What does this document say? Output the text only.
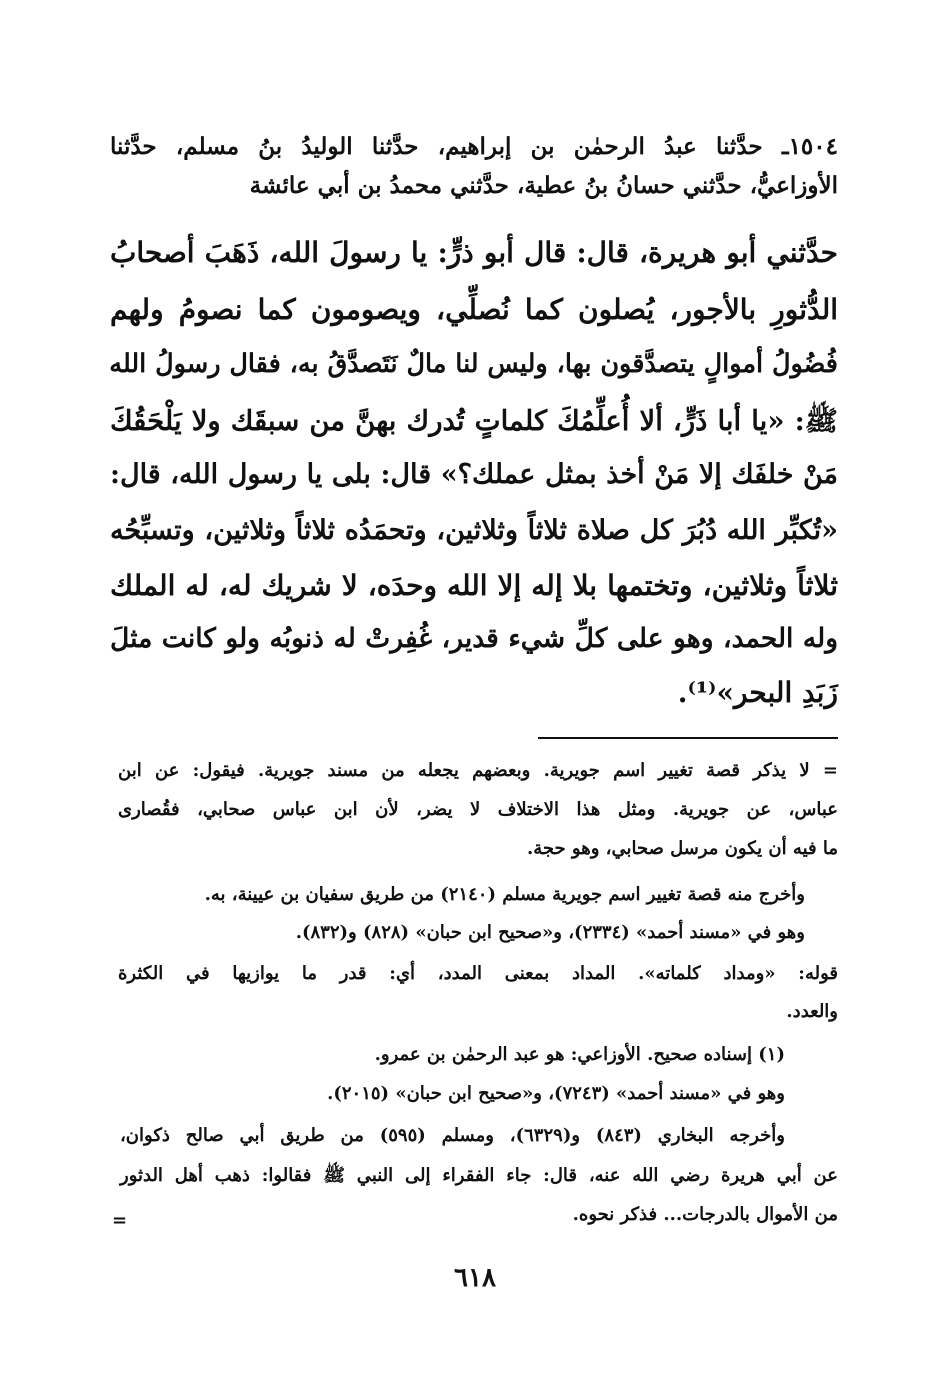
١٥٠٤ـ حدَّثنا عبدُ الرحمٰن بن إبراهيم، حدَّثنا الوليدُ بنُ مسلم، حدَّثنا
الأوزاعيُّ، حدَّثني حسانُ بنُ عطية، حدَّثني محمدُ بن أبي عائشة
حدَّثني أبو هريرة، قال: قال أبو ذرٍّ: يا رسولَ الله، ذَهَبَ أصحابُ
الدُّثورِ بالأجور، يُصلون كما نُصلِّي، ويصومون كما نصومُ ولهم
فُضُولُ أموالٍ يتصدَّقون بها، وليس لنا مالٌ نَتَصدَّقُ به، فقال رسولُ الله
ﷺ: «يا أبا ذَرٍّ، ألا أُعلِّمُكَ كلماتٍ تُدرك بهنَّ من سبقَك ولا يَلْحَقُكَ
مَنْ خلفَك إلا مَنْ أخذ بمثل عملك؟» قال: بلى يا رسول الله، قال:
«تُكبِّر الله دُبُرَ كل صلاة ثلاثاً وثلاثين، وتحمَدُه ثلاثاً وثلاثين، وتسبِّحُه
ثلاثاً وثلاثين، وتختمها بلا إله إلا الله وحدَه، لا شريك له، له الملك
وله الحمد، وهو على كلِّ شيء قدير، غُفِرتْ له ذنوبُه ولو كانت مثلَ
زَبَدِ البحر»⁽¹⁾.
= لا يذكر قصة تغيير اسم جويرية. وبعضهم يجعله من مسند جويرية. فيقول: عن ابن
عباس، عن جويرية. ومثل هذا الاختلاف لا يضر، لأن ابن عباس صحابي، فقُصارى
ما فيه أن يكون مرسل صحابي، وهو حجة.
وأخرج منه قصة تغيير اسم جويرية مسلم (٢١٤٠) من طريق سفيان بن عيينة، به.
وهو في «مسند أحمد» (٢٣٣٤)، و«صحيح ابن حبان» (٨٢٨) و(٨٣٢).
قوله: «ومداد كلماته». المداد بمعنى المدد، أي: قدر ما يوازيها في الكثرة
والعدد.
(١) إسناده صحيح. الأوزاعي: هو عبد الرحمٰن بن عمرو.
وهو في «مسند أحمد» (٧٢٤٣)، و«صحيح ابن حبان» (٢٠١٥).
وأخرجه البخاري (٨٤٣) و(٦٣٢٩)، ومسلم (٥٩٥) من طريق أبي صالح ذكوان،
عن أبي هريرة رضي الله عنه، قال: جاء الفقراء إلى النبي ﷺ فقالوا: ذهب أهل الدثور
من الأموال بالدرجات... فذكر نحوه.
=
٦١٨
